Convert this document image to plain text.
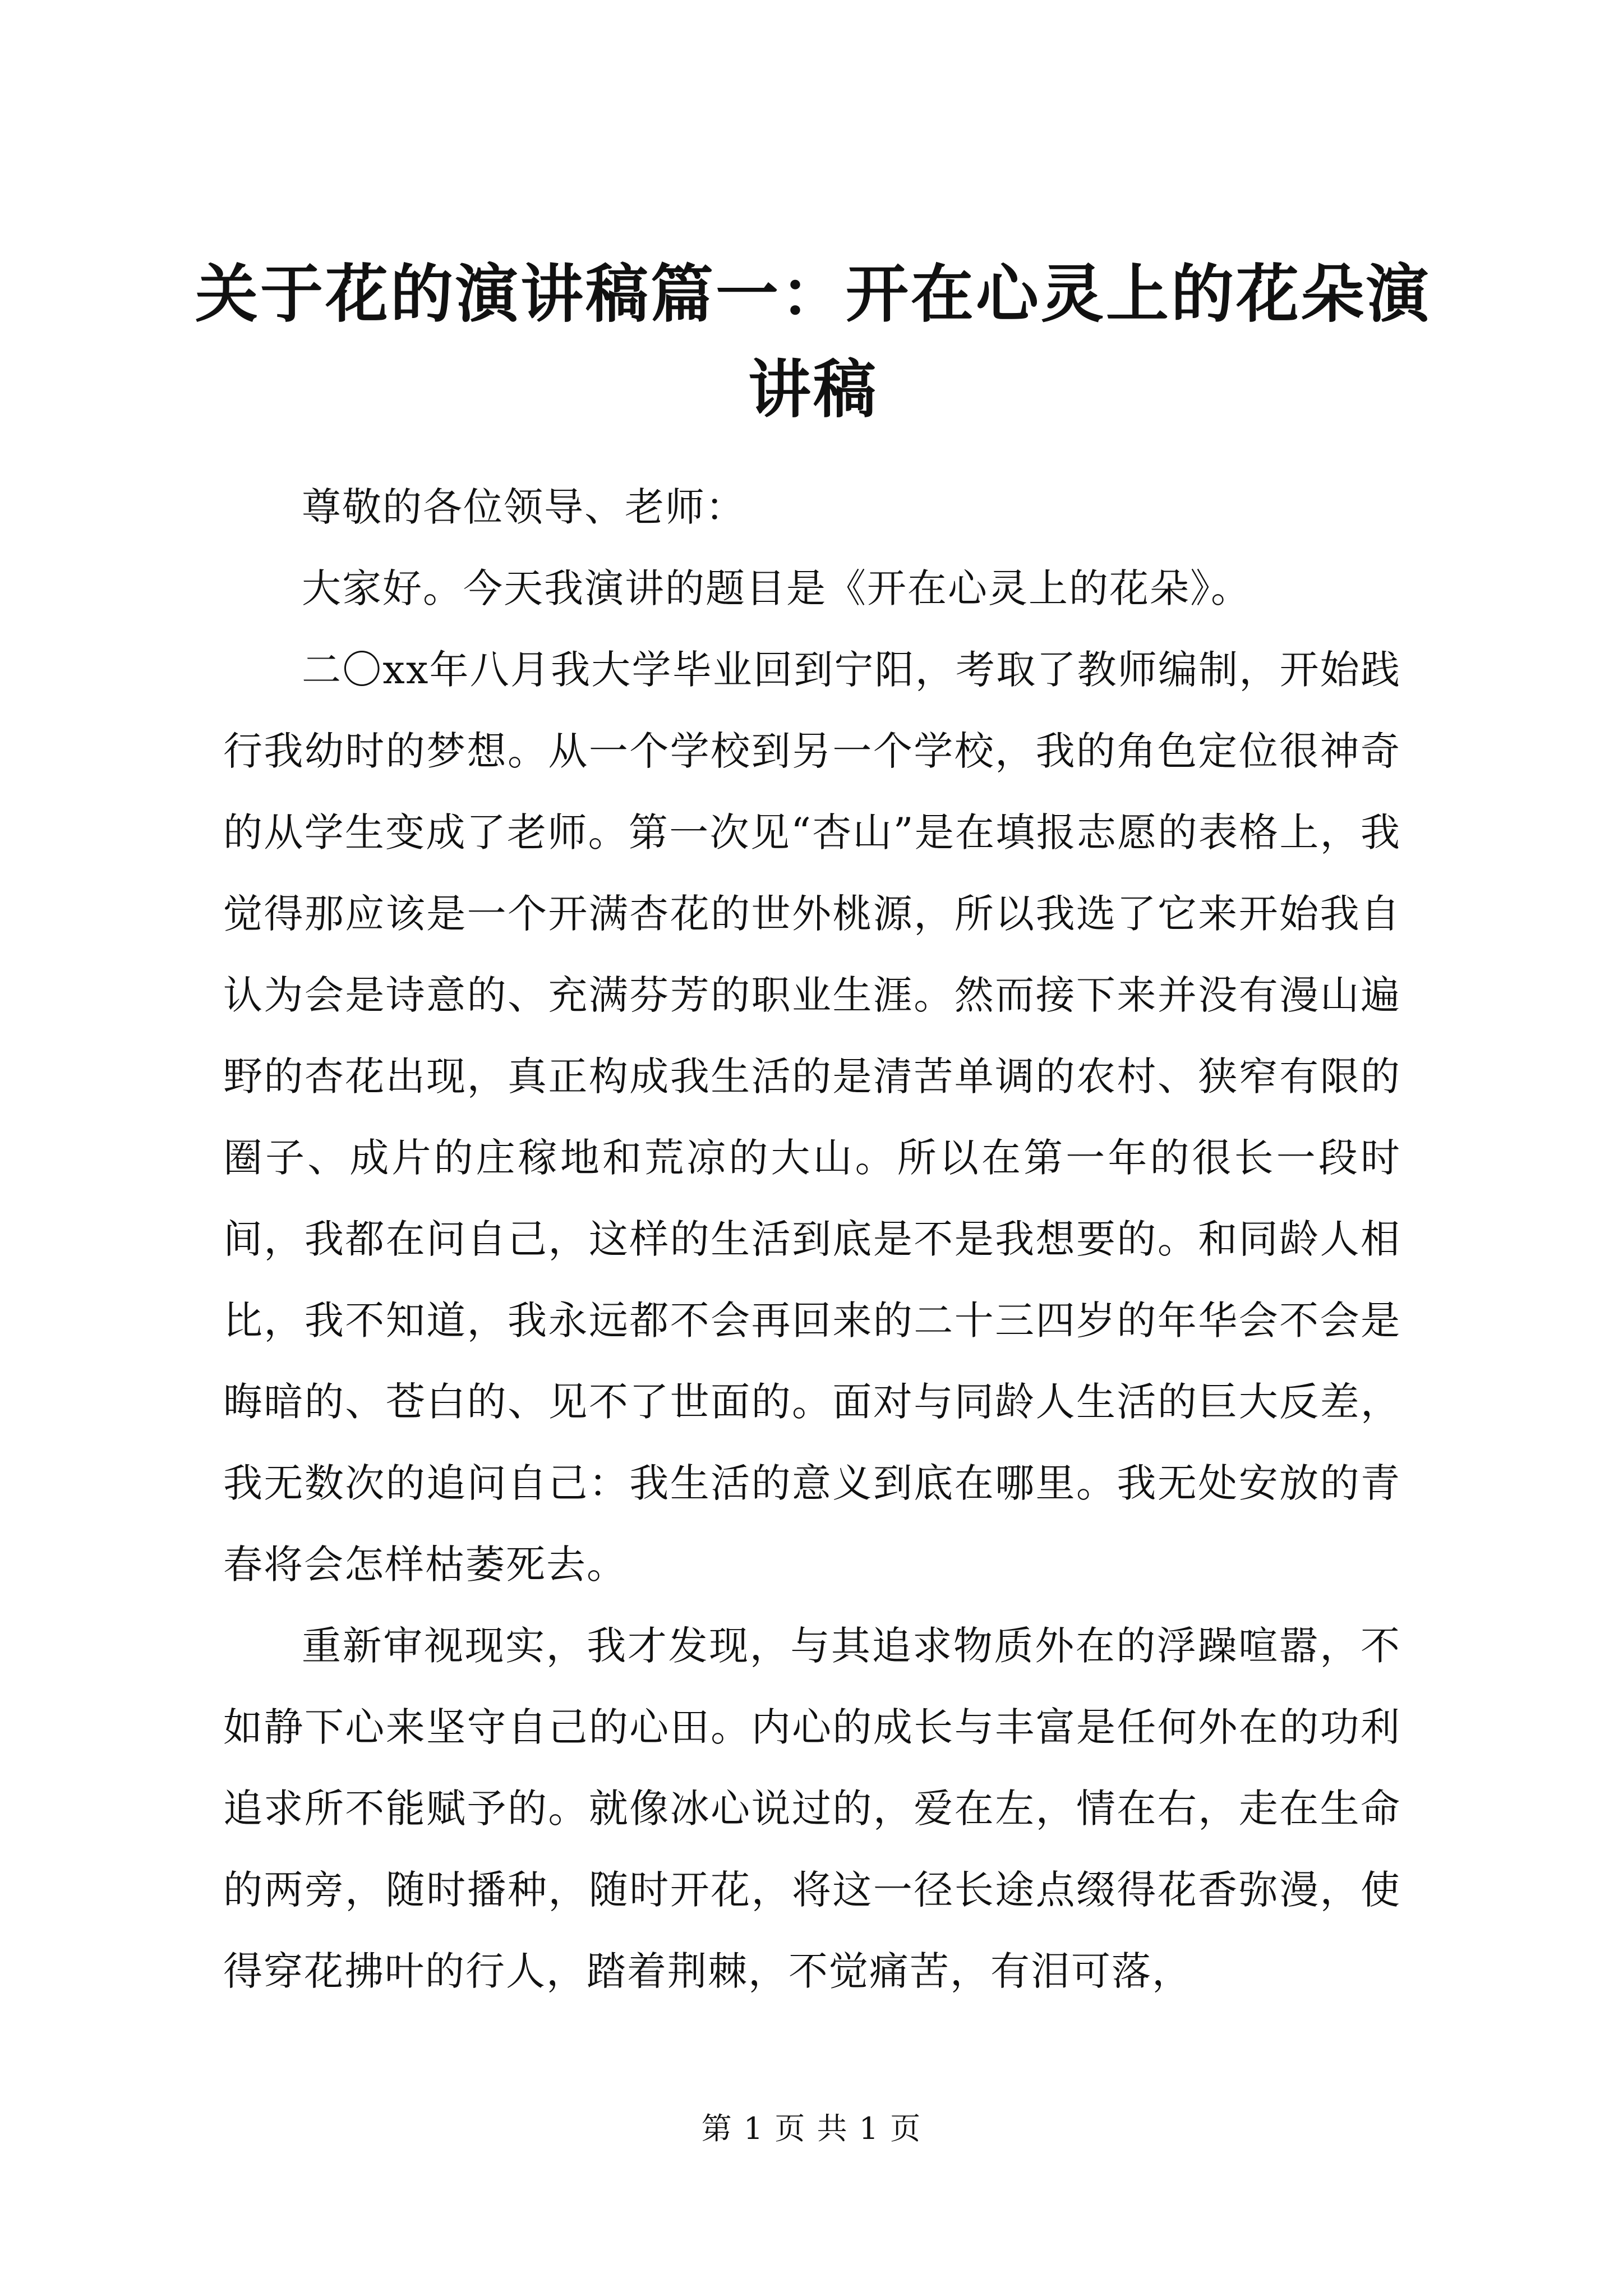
关于花的演讲稿篇一：开在心灵上的花朵演讲稿

尊敬的各位领导、老师：

大家好。今天我演讲的题目是《开在心灵上的花朵》。

二〇xx年八月我大学毕业回到宁阳，考取了教师编制，开始践行我幼时的梦想。从一个学校到另一个学校，我的角色定位很神奇的从学生变成了老师。第一次见“杏山”是在填报志愿的表格上，我觉得那应该是一个开满杏花的世外桃源，所以我选了它来开始我自认为会是诗意的、充满芬芳的职业生涯。然而接下来并没有漫山遍野的杏花出现，真正构成我生活的是清苦单调的农村、狭窄有限的圈子、成片的庄稼地和荒凉的大山。所以在第一年的很长一段时间，我都在问自己，这样的生活到底是不是我想要的。和同龄人相比，我不知道，我永远都不会再回来的二十三四岁的年华会不会是晦暗的、苍白的、见不了世面的。面对与同龄人生活的巨大反差，我无数次的追问自己：我生活的意义到底在哪里。我无处安放的青春将会怎样枯萎死去。

重新审视现实，我才发现，与其追求物质外在的浮躁喧嚣，不如静下心来坚守自己的心田。内心的成长与丰富是任何外在的功利追求所不能赋予的。就像冰心说过的，爱在左，情在右，走在生命的两旁，随时播种，随时开花，将这一径长途点缀得花香弥漫，使得穿花拂叶的行人，踏着荆棘，不觉痛苦，有泪可落，

第 1 页 共 1 页
